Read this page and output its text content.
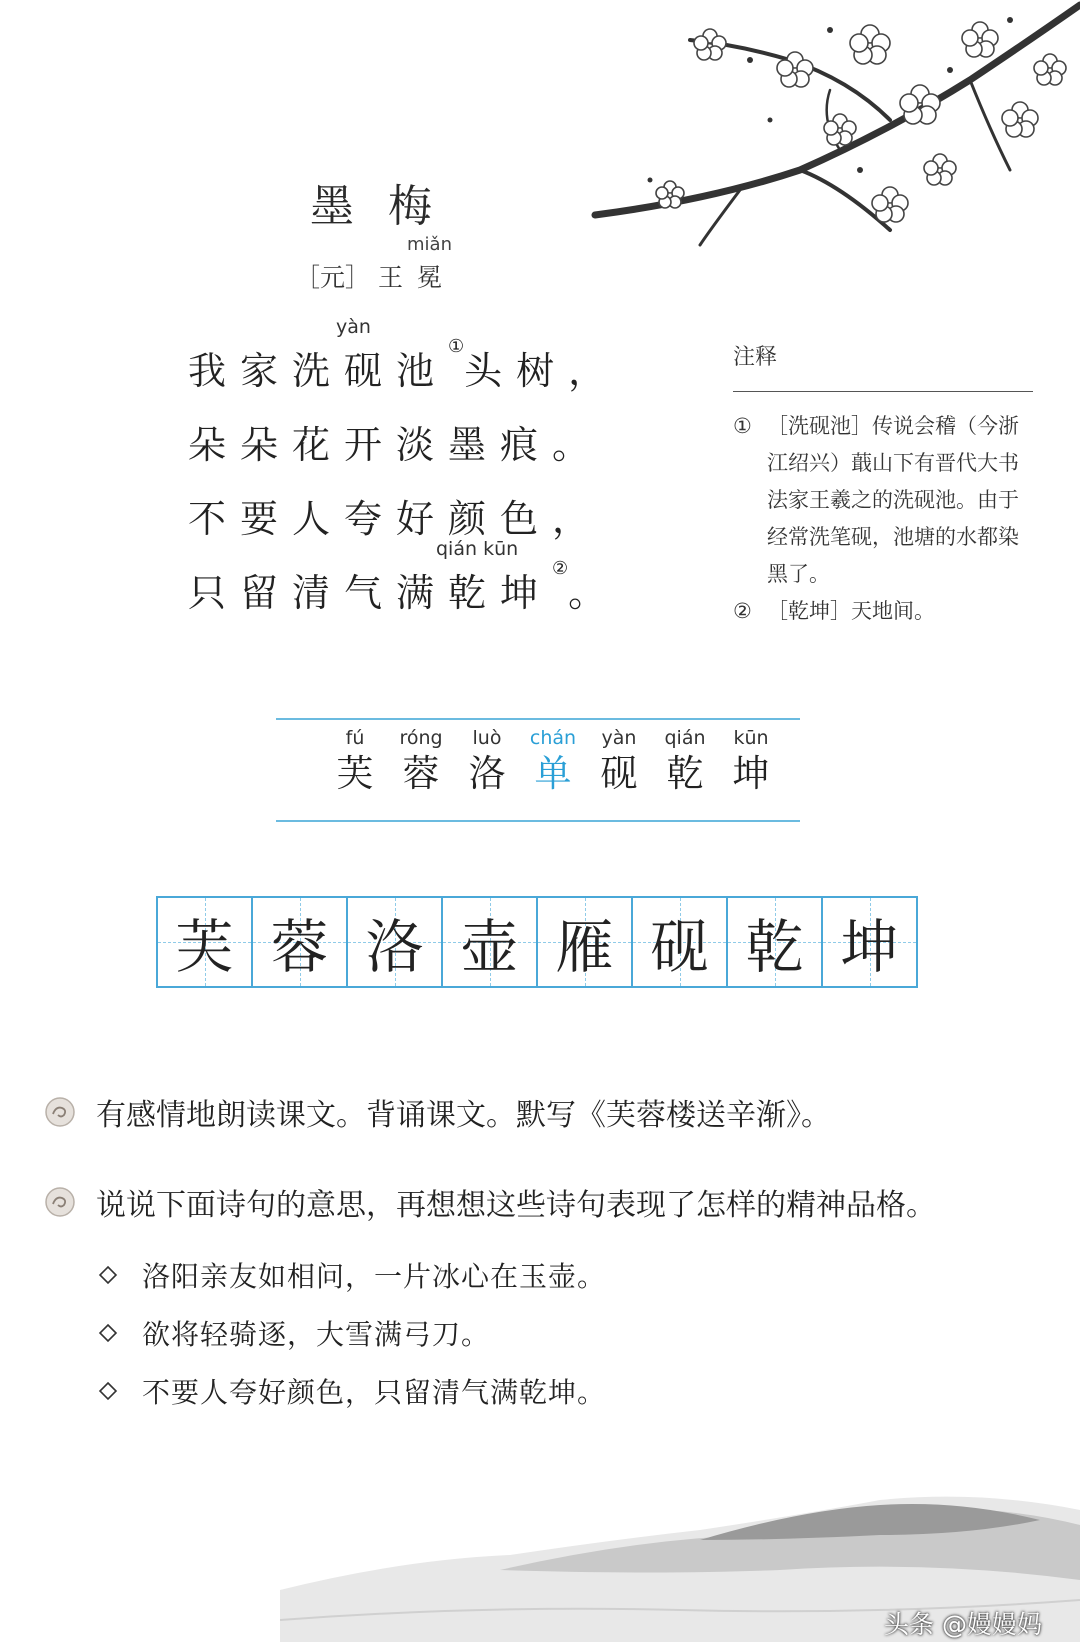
墨梅
［元］ 王冕
miǎn
yàn
我家洗砚池①头树，
朵朵花开淡墨痕。
不要人夸好颜色，
qián kūn
只留清气满乾坤②。
注释
① ［洗砚池］传说会稽（今浙江绍兴）蕺山下有晋代大书法家王羲之的洗砚池。由于经常洗笔砚，池塘的水都染黑了。
② ［乾坤］天地间。
fú
芙
róng
蓉
luò
洛
chán
单
yàn
砚
qián
乾
kūn
坤
芙 蓉 洛 壶 雁 砚 乾 坤
有感情地朗读课文。背诵课文。默写《芙蓉楼送辛渐》。
说说下面诗句的意思，再想想这些诗句表现了怎样的精神品格。
洛阳亲友如相问，一片冰心在玉壶。
欲将轻骑逐，大雪满弓刀。
不要人夸好颜色，只留清气满乾坤。
头条 @嫚嫚妈
